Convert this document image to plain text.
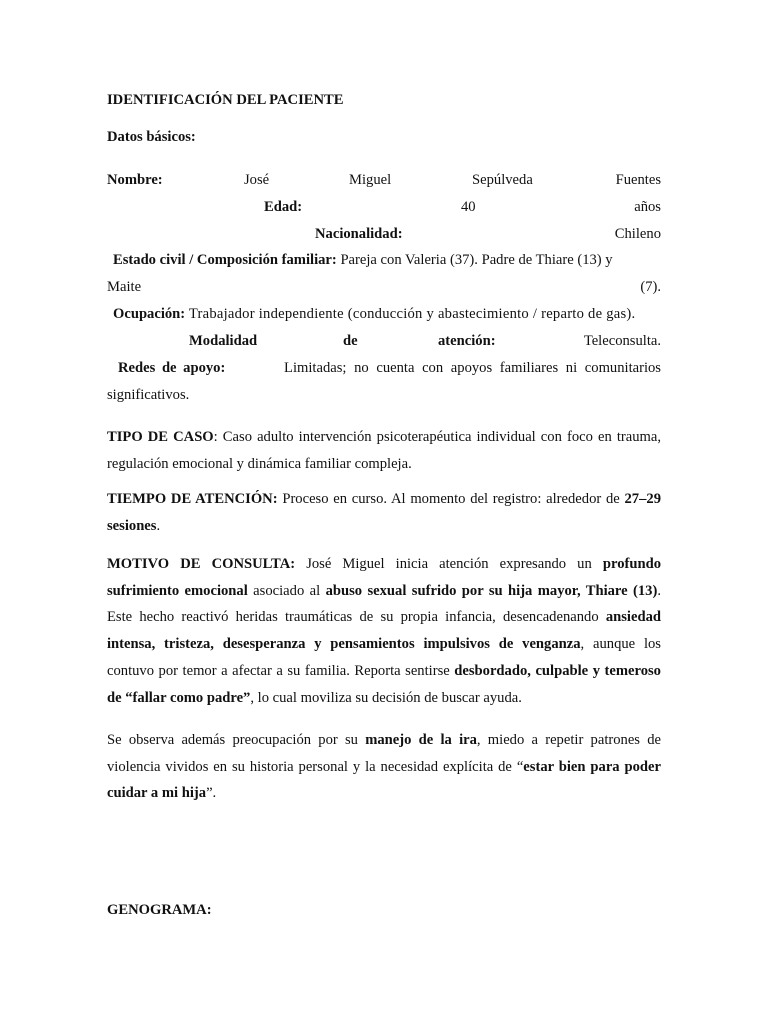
IDENTIFICACIÓN DEL PACIENTE
Datos básicos:
Nombre:	José	Miguel	Sepúlveda	Fuentes
Edad:	40	años
Nacionalidad:	Chileno
Estado civil / Composición familiar: Pareja con Valeria (37). Padre de Thiare (13) y
Maite	(7).
Ocupación: Trabajador independiente (conducción y abastecimiento / reparto de gas).
Modalidad	de	atención:	Teleconsulta.
Redes de apoyo:	Limitadas; no cuenta con apoyos familiares ni comunitarios
significativos.
TIPO DE CASO: Caso adulto intervención psicoterapéutica individual con foco en trauma, regulación emocional y dinámica familiar compleja.
TIEMPO DE ATENCIÓN: Proceso en curso. Al momento del registro: alrededor de 27–29 sesiones.
MOTIVO DE CONSULTA: José Miguel inicia atención expresando un profundo sufrimiento emocional asociado al abuso sexual sufrido por su hija mayor, Thiare (13). Este hecho reactivó heridas traumáticas de su propia infancia, desencadenando ansiedad intensa, tristeza, desesperanza y pensamientos impulsivos de venganza, aunque los contuvo por temor a afectar a su familia. Reporta sentirse desbordado, culpable y temeroso de “fallar como padre”, lo cual moviliza su decisión de buscar ayuda.
Se observa además preocupación por su manejo de la ira, miedo a repetir patrones de violencia vividos en su historia personal y la necesidad explícita de “estar bien para poder cuidar a mi hija”.
GENOGRAMA:
